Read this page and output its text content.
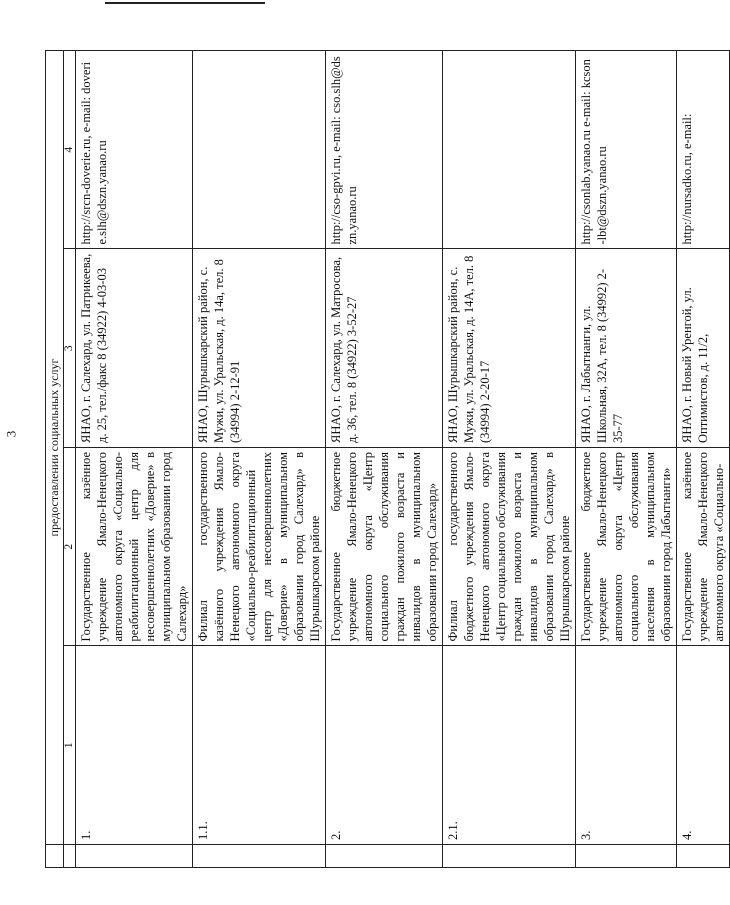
3
	предоставлении социальных услуг			
	1	2	3	4
	1.	Государственное казённое учреждение Ямало-Ненецкого автономного округа «Социально-реабилитационный центр для несовершеннолетних «Доверие» в муниципальном образовании город Салехард»	ЯНАО, г. Салехард, ул. Патрикеева, д. 25, тел./факс 8 (34922) 4-03-03	http://srcn-doverie.ru, e-mail: doverie.slh@dszn.yanao.ru
	1.1.	Филиал государственного казённого учреждения Ямало-Ненецкого автономного округа «Социально-реабилитационный центр для несовершеннолетних «Доверие» в муниципальном образовании город Салехард» в Шурышкарском районе	ЯНАО, Шурышкарский район, с. Мужи, ул. Уральская, д. 14а, тел. 8 (34994) 2-12-91	
	2.	Государственное бюджетное учреждение Ямало-Ненецкого автономного округа «Центр социального обслуживания граждан пожилого возраста и инвалидов в муниципальном образовании город Салехард»	ЯНАО, г. Салехард, ул. Матросова, д. 36, тел. 8 (34922) 3-52-27	http://cso-gpvi.ru, e-mail: cso.slh@dszn.yanao.ru
	2.1.	Филиал государственного бюджетного учреждения Ямало-Ненецкого автономного округа «Центр социального обслуживания граждан пожилого возраста и инвалидов в муниципальном образовании город Салехард» в Шурышкарском районе	ЯНАО, Шурышкарский район, с. Мужи, ул. Уральская, д. 14А, тел. 8 (34994) 2-20-17	
	3.	Государственное бюджетное учреждение Ямало-Ненецкого автономного округа «Центр социального обслуживания населения в муниципальном образовании город Лабытнанги»	ЯНАО, г. Лабытнанги, ул. Школьная, 32А, тел. 8 (34992) 2-35-77	http://csonlab.yanao.ru e-mail: kcson-lbt@dszn.yanao.ru
	4.	Государственное казённое учреждение Ямало-Ненецкого автономного округа «Социально-	ЯНАО, г. Новый Уренгой, ул. Оптимистов, д. 11/2,	http://nursadko.ru, e-mail:
